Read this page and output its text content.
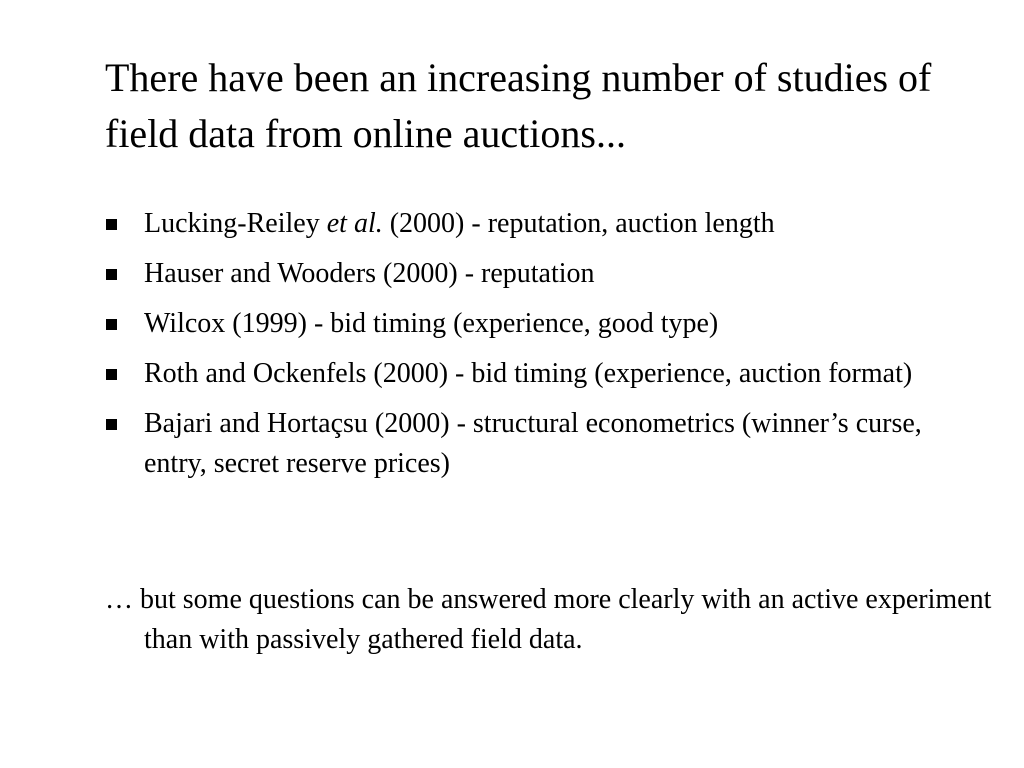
There have been an increasing number of studies of field data from online auctions...
Lucking-Reiley et al. (2000) - reputation, auction length
Hauser and Wooders (2000) - reputation
Wilcox (1999) - bid timing (experience, good type)
Roth and Ockenfels (2000) - bid timing (experience, auction format)
Bajari and Hortaçsu (2000) - structural econometrics (winner’s curse, entry, secret reserve prices)

… but some questions can be answered more clearly with an active experiment than with passively gathered field data.
